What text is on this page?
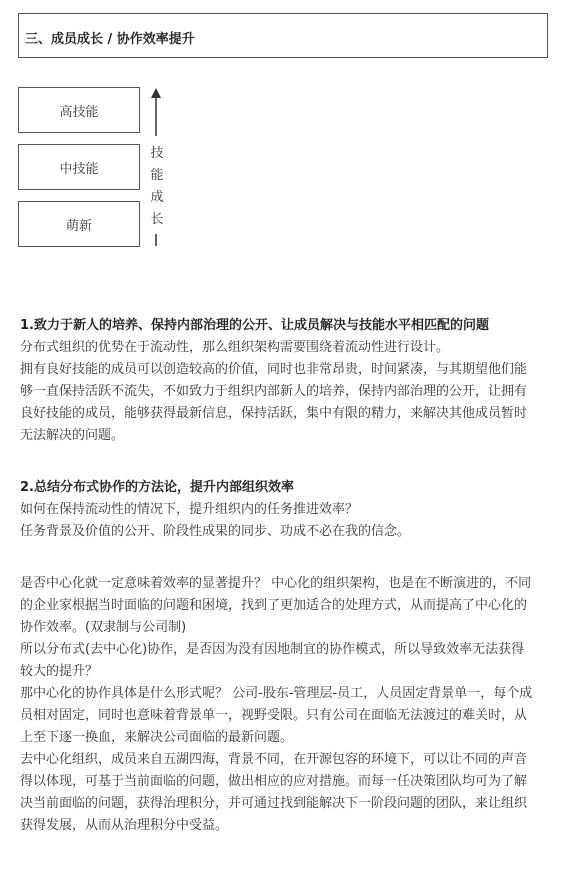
三、成员成长 / 协作效率提升
高技能
中技能
萌新
技
能
成
长

1.致力于新人的培养、保持内部治理的公开、让成员解决与技能水平相匹配的问题

分布式组织的优势在于流动性，那么组织架构需要围绕着流动性进行设计。

拥有良好技能的成员可以创造较高的价值，同时也非常昂贵，时间紧凑，与其期望他们能

够一直保持活跃不流失，不如致力于组织内部新人的培养，保持内部治理的公开，让拥有

良好技能的成员，能够获得最新信息，保持活跃，集中有限的精力，来解决其他成员暂时

无法解决的问题。

2.总结分布式协作的方法论，提升内部组织效率

如何在保持流动性的情况下，提升组织内的任务推进效率？

任务背景及价值的公开、阶段性成果的同步、功成不必在我的信念。

是否中心化就一定意味着效率的显著提升？ 中心化的组织架构，也是在不断演进的，不同

的企业家根据当时面临的问题和困境，找到了更加适合的处理方式，从而提高了中心化的

协作效率。(双隶制与公司制)

所以分布式(去中心化)协作，是否因为没有因地制宜的协作模式，所以导致效率无法获得

较大的提升？

那中心化的协作具体是什么形式呢？ 公司-股东-管理层-员工，人员固定背景单一，每个成

员相对固定，同时也意味着背景单一，视野受限。只有公司在面临无法渡过的难关时，从

上至下逐一换血，来解决公司面临的最新问题。

去中心化组织，成员来自五湖四海，背景不同，在开源包容的环境下，可以让不同的声音

得以体现，可基于当前面临的问题，做出相应的应对措施。而每一任决策团队均可为了解

决当前面临的问题，获得治理积分，并可通过找到能解决下一阶段问题的团队，来让组织

获得发展，从而从治理积分中受益。
